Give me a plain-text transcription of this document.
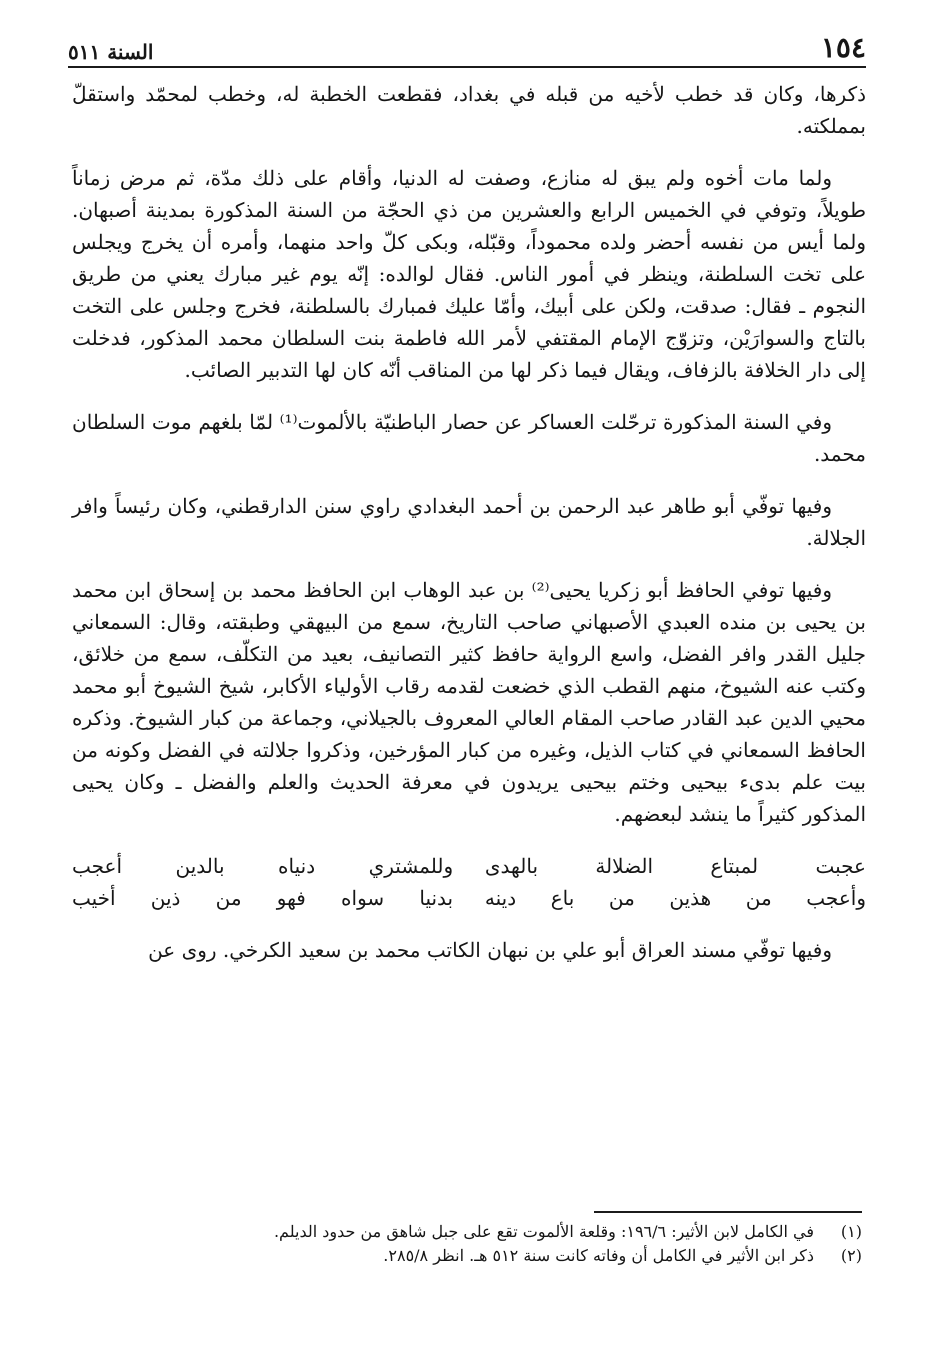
١٥٤
السنة ٥١١

ذكرها، وكان قد خطب لأخيه من قبله في بغداد، فقطعت الخطبة له، وخطب لمحمّد واستقلّ بمملكته.

ولما مات أخوه ولم يبق له منازع، وصفت له الدنيا، وأقام على ذلك مدّة، ثم مرض زماناً طويلاً، وتوفي في الخميس الرابع والعشرين من ذي الحجّة من السنة المذكورة بمدينة أصبهان. ولما أيس من نفسه أحضر ولده محموداً، وقبّله، وبكى كلّ واحد منهما، وأمره أن يخرج ويجلس على تخت السلطنة، وينظر في أمور الناس. فقال لوالده: إنّه يوم غير مبارك يعني من طريق النجوم ـ فقال: صدقت، ولكن على أبيك، وأمّا عليك فمبارك بالسلطنة، فخرج وجلس على التخت بالتاج والسوارَيْن، وتزوّج الإمام المقتفي لأمر الله فاطمة بنت السلطان محمد المذكور، فدخلت إلى دار الخلافة بالزفاف، ويقال فيما ذكر لها من المناقب أنّه كان لها التدبير الصائب.

وفي السنة المذكورة ترحّلت العساكر عن حصار الباطنيّة بالألموت⁽¹⁾ لمّا بلغهم موت السلطان محمد.

وفيها توفّي أبو طاهر عبد الرحمن بن أحمد البغدادي راوي سنن الدارقطني، وكان رئيساً وافر الجلالة.

وفيها توفي الحافظ أبو زكريا يحيى⁽²⁾ بن عبد الوهاب ابن الحافظ محمد بن إسحاق ابن محمد بن يحيى بن منده العبدي الأصبهاني صاحب التاريخ، سمع من البيهقي وطبقته، وقال: السمعاني جليل القدر وافر الفضل، واسع الرواية حافظ كثير التصانيف، بعيد من التكلّف، سمع من خلائق، وكتب عنه الشيوخ، منهم القطب الذي خضعت لقدمه رقاب الأولياء الأكابر، شيخ الشيوخ أبو محمد محيي الدين عبد القادر صاحب المقام العالي المعروف بالجيلاني، وجماعة من كبار الشيوخ. وذكره الحافظ السمعاني في كتاب الذيل، وغيره من كبار المؤرخين، وذكروا جلالته في الفضل وكونه من بيت علم بدىء بيحيى وختم بيحيى يريدون في معرفة الحديث والعلم والفضل ـ وكان يحيى المذكور كثيراً ما ينشد لبعضهم.

عجبت لمبتاع الضلالة بالهدى
وللمشتري دنياه بالدين أعجب
وأعجب من هذين من باع دينه
بدنيا سواه فهو من ذين أخيب

وفيها توفّي مسند العراق أبو علي بن نبهان الكاتب محمد بن سعيد الكرخي. روى عن

(١)
في الكامل لابن الأثير: ١٩٦/٦: وقلعة الألموت تقع على جبل شاهق من حدود الديلم.
(٢)
ذكر ابن الأثير في الكامل أن وفاته كانت سنة ٥١٢ هـ. انظر ٢٨٥/٨.
